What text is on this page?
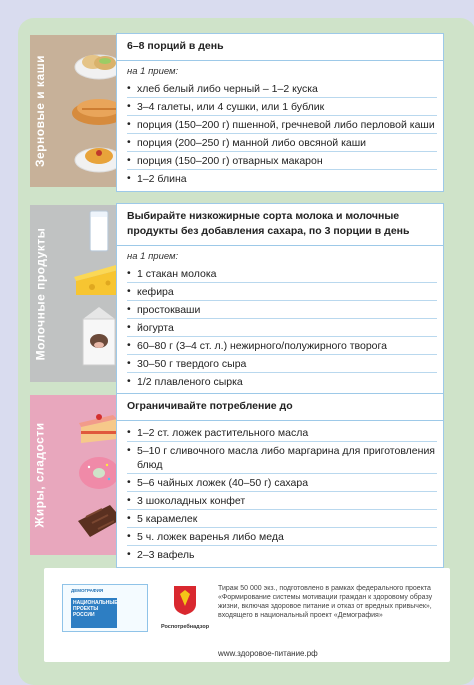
Зерновые и каши
6–8 порций в день
на 1 прием:
• хлеб белый либо черный – 1–2 куска
• 3–4 галеты, или 4 сушки, или 1 бублик
• порция (150–200 г) пшенной, гречневой либо перловой каши
• порция (200–250 г) манной либо овсяной каши
• порция (150–200 г) отварных макарон
• 1–2 блина
Молочные продукты
Выбирайте низкожирные сорта молока и молочные продукты без добавления сахара, по 3 порции в день
на 1 прием:
• 1 стакан молока
• кефира
• простокваши
• йогурта
• 60–80 г (3–4 ст. л.) нежирного/полужирного творога
• 30–50 г твердого сыра
• 1/2 плавленого сырка
Жиры, сладости
Ограничивайте потребление до
• 1–2 ст. ложек растительного масла
• 5–10 г сливочного масла либо маргарина для приготовления блюд
• 5–6 чайных ложек (40–50 г) сахара
• 3 шоколадных конфет
• 5 карамелек
• 5 ч. ложек варенья либо меда
• 2–3 вафель
ДЕМОГРАФИЯ
НАЦИОНАЛЬНЫЕ ПРОЕКТЫ РОССИИ
Роспотребнадзор
Тираж 50 000 экз., подготовлено в рамках федерального проекта «Формирование системы мотивации граждан к здоровому образу жизни, включая здоровое питание и отказ от вредных привычек», входящего в национальный проект «Демография»
www.здоровое-питание.рф
